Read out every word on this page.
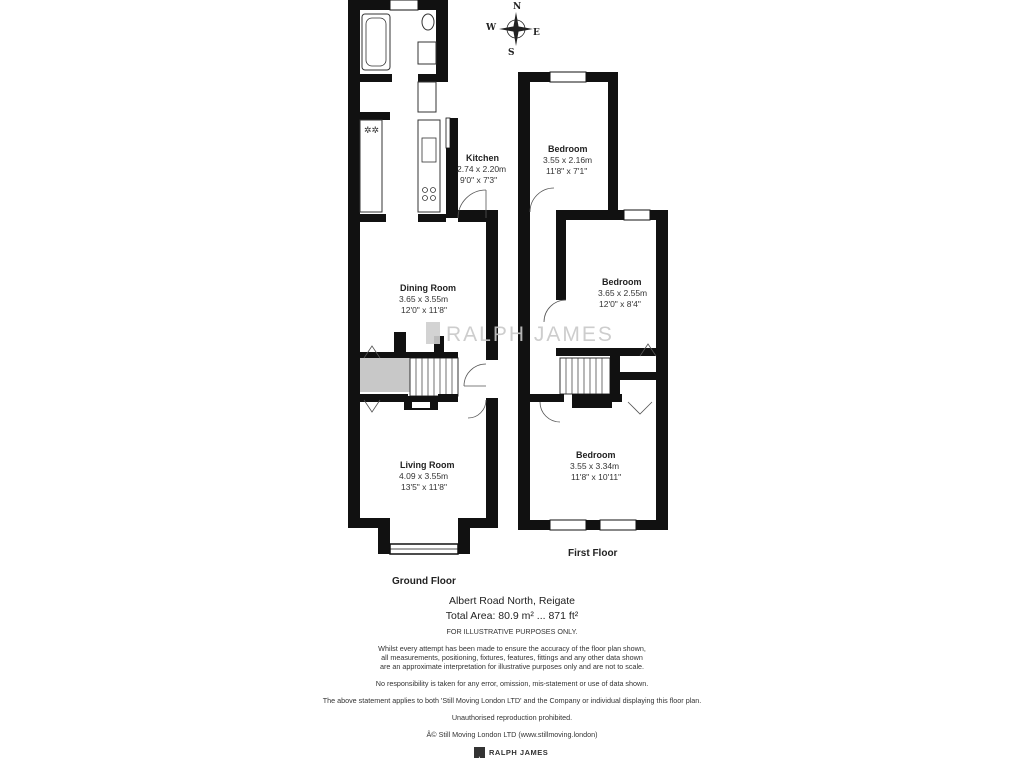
N
E
S
W
✲✲
Kitchen
2.74 x 2.20m
9'0" x 7'3"
Dining Room
3.65 x 3.55m
12'0" x 11'8"
Living Room
4.09 x 3.55m
13'5" x 11'8"
Ground Floor
Bedroom
3.55 x 2.16m
11'8" x 7'1"
Bedroom
3.65 x 2.55m
12'0" x 8'4"
Bedroom
3.55 x 3.34m
11'8" x 10'11"
First Floor
RALPH JAMES
Albert Road North, Reigate
Total Area: 80.9 m² ... 871 ft²
FOR ILLUSTRATIVE PURPOSES ONLY.
Whilst every attempt has been made to ensure the accuracy of the floor plan shown,
all measurements, positioning, fixtures, features, fittings and any other data shown
are an approximate interpretation for illustrative purposes only and are not to scale.
No responsibility is taken for any error, omission, mis-statement or use of data shown.
The above statement applies to both 'Still Moving London LTD' and the Company or individual displaying this floor plan.
Unauthorised reproduction prohibited.
Â© Still Moving London LTD (www.stillmoving.london)
RALPH JAMES
